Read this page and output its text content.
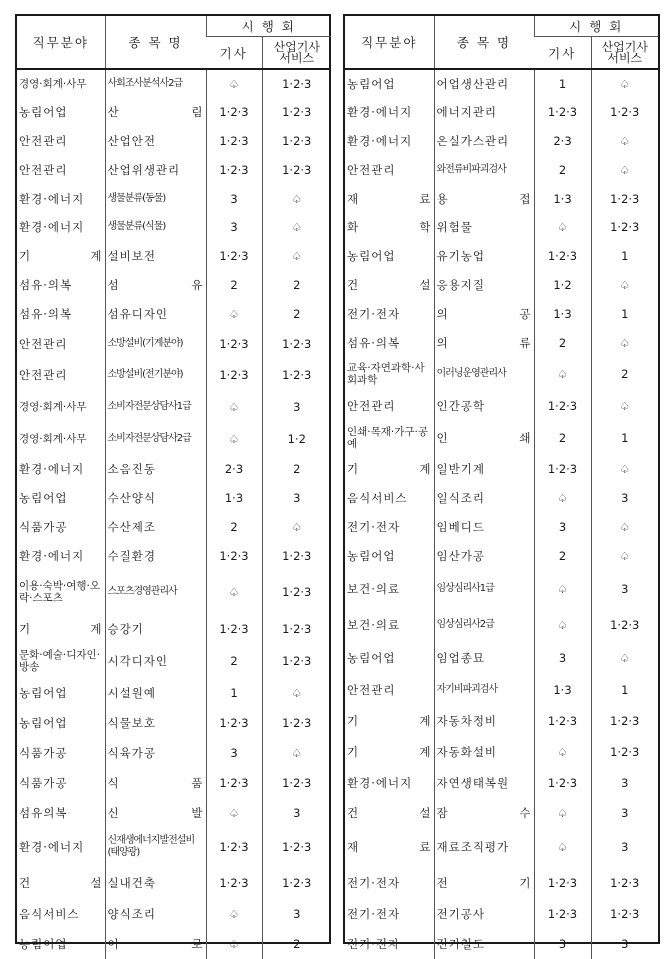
직무분야	종 목 명	시 행 회	
		기사	산업기사
서비스
경영·회계·사무	사회조사분석사2급	♤	1·2·3
농림어업	산 림	1·2·3	1·2·3
안전관리	산업안전	1·2·3	1·2·3
안전관리	산업위생관리	1·2·3	1·2·3
환경·에너지	생물분류(동물)	3	♤
환경·에너지	생물분류(식물)	3	♤
기 계	설비보전	1·2·3	♤
섬유·의복	섬 유	2	2
섬유·의복	섬유디자인	♤	2
안전관리	소방설비(기계분야)	1·2·3	1·2·3
안전관리	소방설비(전기분야)	1·2·3	1·2·3
경영·회계·사무	소비자전문상담사1급	♤	3
경영·회계·사무	소비자전문상담사2급	♤	1·2
환경·에너지	소음진동	2·3	2
농림어업	수산양식	1·3	3
식품가공	수산제조	2	♤
환경·에너지	수질환경	1·2·3	1·2·3
이용·숙박·여행·오락·스포츠	스포츠경영관리사	♤	1·2·3
기 계	승강기	1·2·3	1·2·3
문화·예술·디자인·방송	시각디자인	2	1·2·3
농림어업	시설원예	1	♤
농림어업	식물보호	1·2·3	1·2·3
식품가공	식육가공	3	♤
식품가공	식 품	1·2·3	1·2·3
섬유의복	신 발	♤	3
환경·에너지	신재생에너지발전설비(태양광)	1·2·3	1·2·3
건 설	실내건축	1·2·3	1·2·3
음식서비스	양식조리	♤	3
농림어업	어 로	♤	2
직무분야	종 목 명	시 행 회	
		기사	산업기사
서비스
농림어업	어업생산관리	1	♤
환경·에너지	에너지관리	1·2·3	1·2·3
환경·에너지	온실가스관리	2·3	♤
안전관리	와전류비파괴검사	2	♤
재 료	용 접	1·3	1·2·3
화 학	위험물	♤	1·2·3
농림어업	유기농업	1·2·3	1
건 설	응용지질	1·2	♤
전기·전자	의 공	1·3	1
섬유·의복	의 류	2	♤
교육·자연과학·사회과학	이러닝운영관리사	♤	2
안전관리	인간공학	1·2·3	♤
인쇄·목재·가구·공예	인 쇄	2	1
기 계	일반기계	1·2·3	♤
음식서비스	일식조리	♤	3
전기·전자	임베디드	3	♤
농림어업	임산가공	2	♤
보건·의료	임상심리사1급	♤	3
보건·의료	임상심리사2급	♤	1·2·3
농림어업	임업종묘	3	♤
안전관리	자기비파괴검사	1·3	1
기 계	자동차정비	1·2·3	1·2·3
기 계	자동화설비	♤	1·2·3
환경·에너지	자연생태복원	1·2·3	3
건 설	잠 수	♤	3
재 료	재료조직평가	♤	3
전기·전자	전 기	1·2·3	1·2·3
전기·전자	전기공사	1·2·3	1·2·3
전기·전자	전기철도	3	3
